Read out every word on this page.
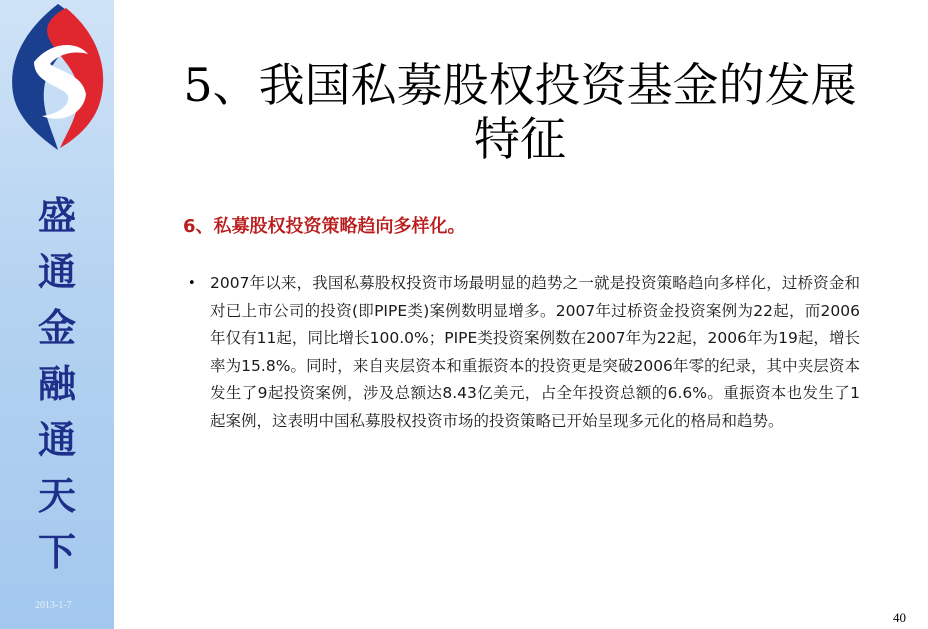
盛
通
金
融
通
天
下
2013-1-7
5、我国私募股权投资基金的发展
特征
6、私募股权投资策略趋向多样化。
• 2007年以来，我国私募股权投资市场最明显的趋势之一就是投资策略趋向多样化，过桥资金和对已上市公司的投资(即PIPE类)案例数明显增多。2007年过桥资金投资案例为22起，而2006年仅有11起，同比增长100.0%；PIPE类投资案例数在2007年为22起，2006年为19起，增长率为15.8%。同时，来自夹层资本和重振资本的投资更是突破2006年零的纪录，其中夹层资本发生了9起投资案例，涉及总额达8.43亿美元，占全年投资总额的6.6%。重振资本也发生了1起案例，这表明中国私募股权投资市场的投资策略已开始呈现多元化的格局和趋势。
40
